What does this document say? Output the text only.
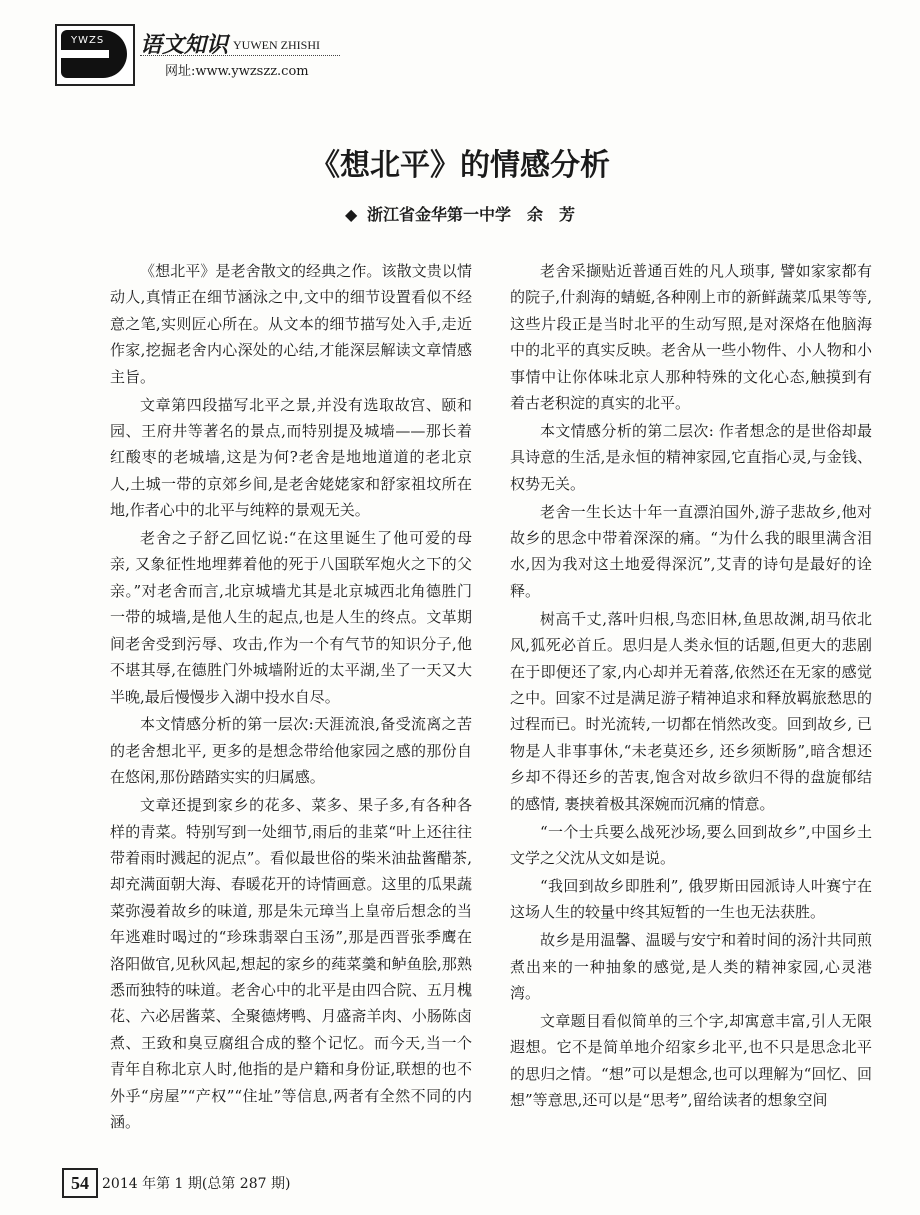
YWZS 语文知识 YUWEN ZHISHI
网址:www.ywzszz.com
《想北平》的情感分析
◆ 浙江省金华第一中学　余　芳

《想北平》是老舍散文的经典之作。该散文贵以情动人,真情正在细节涵泳之中,文中的细节设置看似不经意之笔,实则匠心所在。从文本的细节描写处入手,走近作家,挖掘老舍内心深处的心结,才能深层解读文章情感主旨。

文章第四段描写北平之景,并没有选取故宫、颐和园、王府井等著名的景点,而特别提及城墙——那长着红酸枣的老城墙,这是为何?老舍是地地道道的老北京人,土城一带的京郊乡间,是老舍姥姥家和舒家祖坟所在地,作者心中的北平与纯粹的景观无关。

老舍之子舒乙回忆说:“在这里诞生了他可爱的母亲, 又象征性地埋葬着他的死于八国联军炮火之下的父亲。”对老舍而言,北京城墙尤其是北京城西北角德胜门一带的城墙,是他人生的起点,也是人生的终点。文革期间老舍受到污辱、攻击,作为一个有气节的知识分子,他不堪其辱,在德胜门外城墙附近的太平湖,坐了一天又大半晚,最后慢慢步入湖中投水自尽。

本文情感分析的第一层次:天涯流浪,备受流离之苦的老舍想北平, 更多的是想念带给他家园之感的那份自在悠闲,那份踏踏实实的归属感。

文章还提到家乡的花多、菜多、果子多,有各种各样的青菜。特别写到一处细节,雨后的韭菜“叶上还往往带着雨时溅起的泥点”。看似最世俗的柴米油盐酱醋茶,却充满面朝大海、春暖花开的诗情画意。这里的瓜果蔬菜弥漫着故乡的味道, 那是朱元璋当上皇帝后想念的当年逃难时喝过的“珍珠翡翠白玉汤”,那是西晋张季鹰在洛阳做官,见秋风起,想起的家乡的莼菜羹和鲈鱼脍,那熟悉而独特的味道。老舍心中的北平是由四合院、五月槐花、六必居酱菜、全聚德烤鸭、月盛斋羊肉、小肠陈卤煮、王致和臭豆腐组合成的整个记忆。而今天,当一个青年自称北京人时,他指的是户籍和身份证,联想的也不外乎“房屋”“产权”“住址”等信息,两者有全然不同的内涵。

老舍采撷贴近普通百姓的凡人琐事, 譬如家家都有的院子,什刹海的蜻蜓,各种刚上市的新鲜蔬菜瓜果等等,这些片段正是当时北平的生动写照,是对深烙在他脑海中的北平的真实反映。老舍从一些小物件、小人物和小事情中让你体味北京人那种特殊的文化心态,触摸到有着古老积淀的真实的北平。

本文情感分析的第二层次: 作者想念的是世俗却最具诗意的生活,是永恒的精神家园,它直指心灵,与金钱、权势无关。

老舍一生长达十年一直漂泊国外,游子悲故乡,他对故乡的思念中带着深深的痛。“为什么我的眼里满含泪水,因为我对这土地爱得深沉”,艾青的诗句是最好的诠释。

树高千丈,落叶归根,鸟恋旧林,鱼思故渊,胡马依北风,狐死必首丘。思归是人类永恒的话题,但更大的悲剧在于即便还了家,内心却并无着落,依然还在无家的感觉之中。回家不过是满足游子精神追求和释放羁旅愁思的过程而已。时光流转,一切都在悄然改变。回到故乡, 已物是人非事事休,“未老莫还乡, 还乡须断肠”,暗含想还乡却不得还乡的苦衷,饱含对故乡欲归不得的盘旋郁结的感情, 裹挟着极其深婉而沉痛的情意。

“一个士兵要么战死沙场,要么回到故乡”,中国乡土文学之父沈从文如是说。

“我回到故乡即胜利”, 俄罗斯田园派诗人叶赛宁在这场人生的较量中终其短暂的一生也无法获胜。

故乡是用温馨、温暖与安宁和着时间的汤汁共同煎煮出来的一种抽象的感觉,是人类的精神家园,心灵港湾。

文章题目看似简单的三个字,却寓意丰富,引人无限遐想。它不是简单地介绍家乡北平,也不只是思念北平的思归之情。“想”可以是想念,也可以理解为“回忆、回想”等意思,还可以是“思考”,留给读者的想象空间

54 2014 年第 1 期(总第 287 期)
